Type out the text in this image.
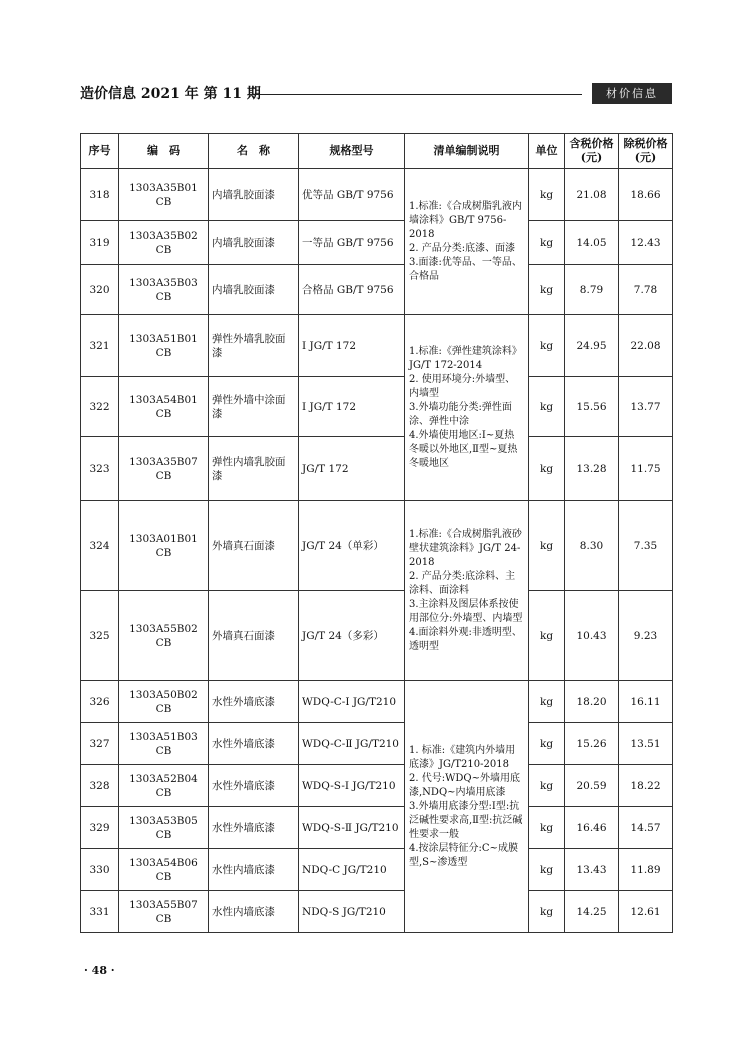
造价信息 2021 年 第 11 期	材价信息
序号	编　码	名　称	规格型号	清单编制说明	单位	含税价格(元)	除税价格(元)
318	1303A35B01 CB	内墙乳胶面漆	优等品 GB/T 9756	1.标准:《合成树脂乳液内墙涂料》GB/T 9756-2018
2. 产品分类:底漆、面漆
3.面漆:优等品、一等品、合格品	kg	21.08	18.66
319	1303A35B02 CB	内墙乳胶面漆	一等品 GB/T 9756		kg	14.05	12.43
320	1303A35B03 CB	内墙乳胶面漆	合格品 GB/T 9756		kg	8.79	7.78
321	1303A51B01 CB	弹性外墙乳胶面漆	Ⅰ JG/T 172	1.标准:《弹性建筑涂料》JG/T 172-2014
2. 使用环境分:外墙型、内墙型
3.外墙功能分类:弹性面涂、弹性中涂
4.外墙使用地区:Ⅰ~夏热冬暖以外地区,Ⅱ型~夏热冬暖地区	kg	24.95	22.08
322	1303A54B01 CB	弹性外墙中涂面漆	Ⅰ JG/T 172		kg	15.56	13.77
323	1303A35B07 CB	弹性内墙乳胶面漆	JG/T 172		kg	13.28	11.75
324	1303A01B01 CB	外墙真石面漆	JG/T 24（单彩）	1.标准:《合成树脂乳液砂壁状建筑涂料》JG/T 24-2018
2. 产品分类:底涂料、主涂料、面涂料
3.主涂料及图层体系按使用部位分:外墙型、内墙型
4.面涂料外观:非透明型、透明型	kg	8.30	7.35
325	1303A55B02 CB	外墙真石面漆	JG/T 24（多彩）		kg	10.43	9.23
326	1303A50B02 CB	水性外墙底漆	WDQ-C-Ⅰ JG/T210	1. 标准:《建筑内外墙用底漆》JG/T210-2018
2. 代号:WDQ~外墙用底漆,NDQ~内墙用底漆
3.外墙用底漆分型:Ⅰ型:抗泛碱性要求高,Ⅱ型:抗泛碱性要求一般
4.按涂层特征分:C~成膜型,S~渗透型	kg	18.20	16.11
327	1303A51B03 CB	水性外墙底漆	WDQ-C-Ⅱ JG/T210		kg	15.26	13.51
328	1303A52B04 CB	水性外墙底漆	WDQ-S-Ⅰ JG/T210		kg	20.59	18.22
329	1303A53B05 CB	水性外墙底漆	WDQ-S-Ⅱ JG/T210		kg	16.46	14.57
330	1303A54B06 CB	水性内墙底漆	NDQ-C JG/T210		kg	13.43	11.89
331	1303A55B07 CB	水性内墙底漆	NDQ-S JG/T210		kg	14.25	12.61
· 48 ·
